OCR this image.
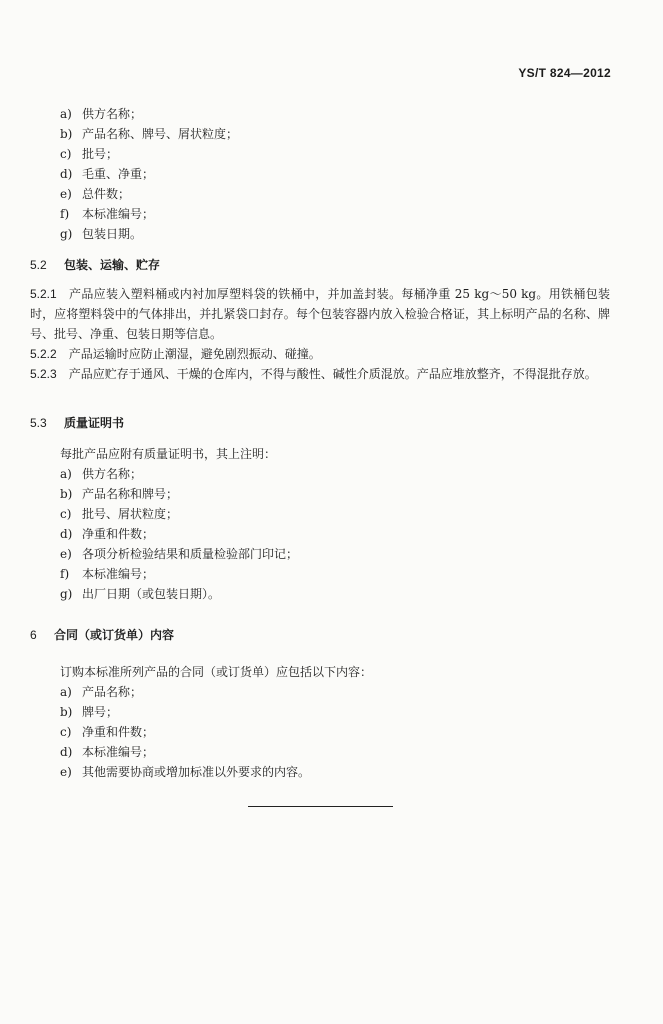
YS/T 824—2012
a) 供方名称；
b) 产品名称、牌号、屑状粒度；
c) 批号；
d) 毛重、净重；
e) 总件数；
f) 本标准编号；
g) 包装日期。
5.2 包装、运输、贮存

5.2.1 产品应装入塑料桶或内衬加厚塑料袋的铁桶中，并加盖封装。每桶净重 25 kg～50 kg。用铁桶包装时，应将塑料袋中的气体排出，并扎紧袋口封存。每个包装容器内放入检验合格证，其上标明产品的名称、牌号、批号、净重、包装日期等信息。

5.2.2 产品运输时应防止潮湿，避免剧烈振动、碰撞。

5.2.3 产品应贮存于通风、干燥的仓库内，不得与酸性、碱性介质混放。产品应堆放整齐，不得混批存放。

5.3 质量证明书
每批产品应附有质量证明书，其上注明：
a) 供方名称；
b) 产品名称和牌号；
c) 批号、屑状粒度；
d) 净重和件数；
e) 各项分析检验结果和质量检验部门印记；
f) 本标准编号；
g) 出厂日期（或包装日期）。
6 合同（或订货单）内容
订购本标准所列产品的合同（或订货单）应包括以下内容：
a) 产品名称；
b) 牌号；
c) 净重和件数；
d) 本标准编号；
e) 其他需要协商或增加标准以外要求的内容。
